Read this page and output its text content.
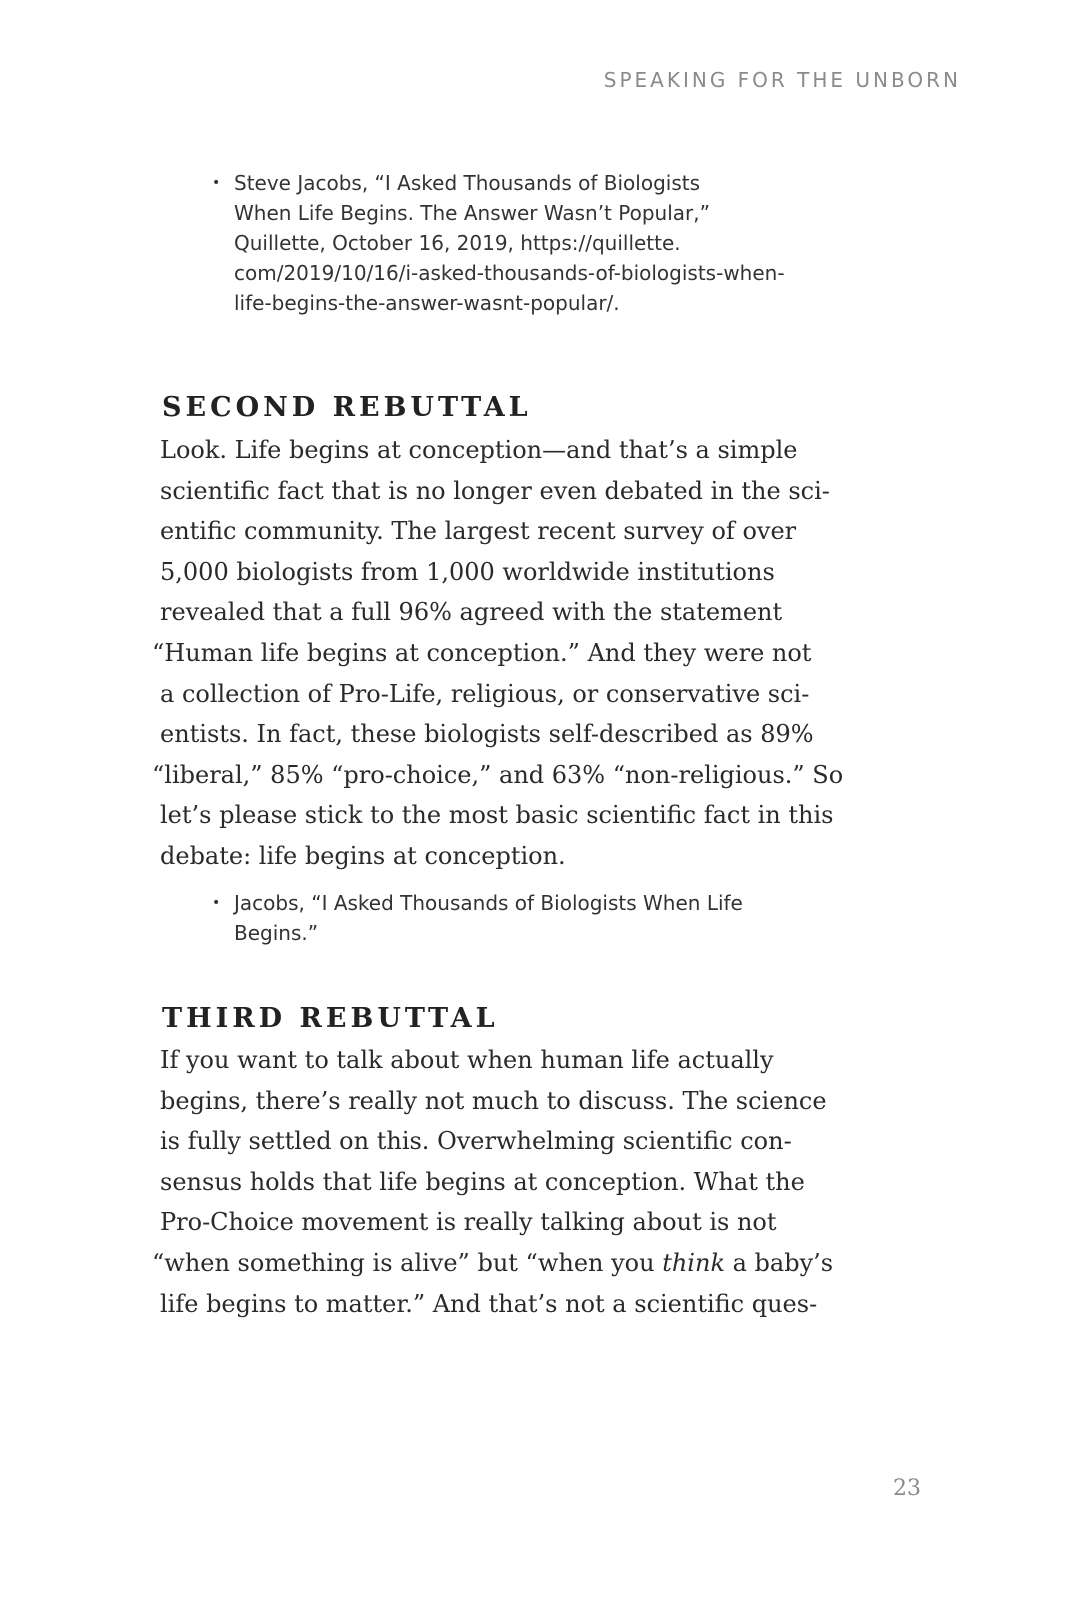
SPEAKING FOR THE UNBORN
• Steve Jacobs, “I Asked Thousands of Biologists
When Life Begins. The Answer Wasn’t Popular,”
Quillette, October 16, 2019, https://quillette.
com/2019/10/16/i-asked-thousands-of-biologists-when-
life-begins-the-answer-wasnt-popular/.
SECOND REBUTTAL
Look. Life begins at conception—and that’s a simple
scientific fact that is no longer even debated in the sci-
entific community. The largest recent survey of over
5,000 biologists from 1,000 worldwide institutions
revealed that a full 96% agreed with the statement
“Human life begins at conception.” And they were not
a collection of Pro-Life, religious, or conservative sci-
entists. In fact, these biologists self-described as 89%
“liberal,” 85% “pro-choice,” and 63% “non-religious.” So
let’s please stick to the most basic scientific fact in this
debate: life begins at conception.
• Jacobs, “I Asked Thousands of Biologists When Life
Begins.”
THIRD REBUTTAL
If you want to talk about when human life actually
begins, there’s really not much to discuss. The science
is fully settled on this. Overwhelming scientific con-
sensus holds that life begins at conception. What the
Pro-Choice movement is really talking about is not
“when something is alive” but “when you think a baby’s
life begins to matter.” And that’s not a scientific ques-
23
